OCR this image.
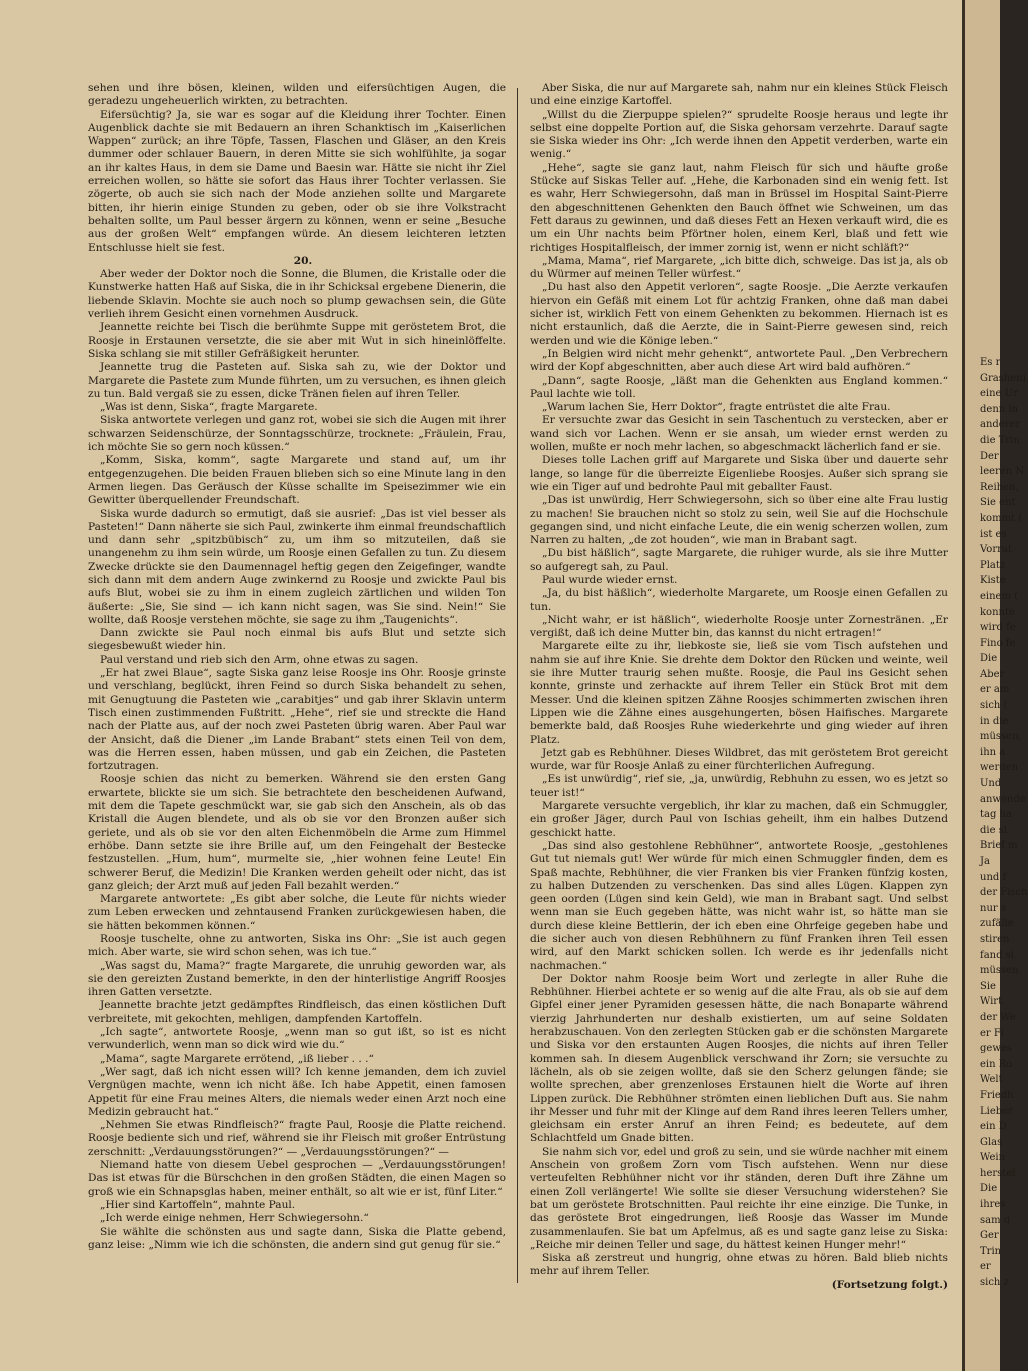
sehen und ihre bösen, kleinen, wilden und eifersüchtigen Augen, die geradezu ungeheuerlich wirkten, zu betrachten.

Eifersüchtig? Ja, sie war es sogar auf die Kleidung ihrer Tochter. Einen Augenblick dachte sie mit Bedauern an ihren Schanktisch im „Kaiserlichen Wappen“ zurück; an ihre Töpfe, Tassen, Flaschen und Gläser, an den Kreis dummer oder schlauer Bauern, in deren Mitte sie sich wohlfühlte, ja sogar an ihr kaltes Haus, in dem sie Dame und Baesin war. Hätte sie nicht ihr Ziel erreichen wollen, so hätte sie sofort das Haus ihrer Tochter verlassen. Sie zögerte, ob auch sie sich nach der Mode anziehen sollte und Margarete bitten, ihr hierin einige Stunden zu geben, oder ob sie ihre Volkstracht behalten sollte, um Paul besser ärgern zu können, wenn er seine „Besuche aus der großen Welt“ empfangen würde. An diesem leichteren letzten Entschlusse hielt sie fest.

20.

Aber weder der Doktor noch die Sonne, die Blumen, die Kristalle oder die Kunstwerke hatten Haß auf Siska, die in ihr Schicksal ergebene Dienerin, die liebende Sklavin. Mochte sie auch noch so plump gewachsen sein, die Güte verlieh ihrem Gesicht einen vornehmen Ausdruck.

Jeannette reichte bei Tisch die berühmte Suppe mit geröstetem Brot, die Roosje in Erstaunen versetzte, die sie aber mit Wut in sich hineinlöffelte. Siska schlang sie mit stiller Gefräßigkeit herunter.

Jeannette trug die Pasteten auf. Siska sah zu, wie der Doktor und Margarete die Pastete zum Munde führten, um zu versuchen, es ihnen gleich zu tun. Bald vergaß sie zu essen, dicke Tränen fielen auf ihren Teller.

„Was ist denn, Siska“, fragte Margarete.

Siska antwortete verlegen und ganz rot, wobei sie sich die Augen mit ihrer schwarzen Seidenschürze, der Sonntagsschürze, trocknete: „Fräulein, Frau, ich möchte Sie so gern noch küssen.“

„Komm, Siska, komm“, sagte Margarete und stand auf, um ihr entgegenzugehen. Die beiden Frauen blieben sich so eine Minute lang in den Armen liegen. Das Geräusch der Küsse schallte im Speisezimmer wie ein Gewitter überquellender Freundschaft.

Siska wurde dadurch so ermutigt, daß sie ausrief: „Das ist viel besser als Pasteten!“ Dann näherte sie sich Paul, zwinkerte ihm einmal freundschaftlich und dann sehr „spitzbübisch“ zu, um ihm so mitzuteilen, daß sie unangenehm zu ihm sein würde, um Roosje einen Gefallen zu tun. Zu diesem Zwecke drückte sie den Daumennagel heftig gegen den Zeigefinger, wandte sich dann mit dem andern Auge zwinkernd zu Roosje und zwickte Paul bis aufs Blut, wobei sie zu ihm in einem zugleich zärtlichen und wilden Ton äußerte: „Sie, Sie sind — ich kann nicht sagen, was Sie sind. Nein!“ Sie wollte, daß Roosje verstehen möchte, sie sage zu ihm „Taugenichts“.

Dann zwickte sie Paul noch einmal bis aufs Blut und setzte sich siegesbewußt wieder hin.

Paul verstand und rieb sich den Arm, ohne etwas zu sagen.

„Er hat zwei Blaue“, sagte Siska ganz leise Roosje ins Ohr. Roosje grinste und verschlang, beglückt, ihren Feind so durch Siska behandelt zu sehen, mit Genugtuung die Pasteten wie „carabitjes“ und gab ihrer Sklavin unterm Tisch einen zustimmenden Fußtritt. „Hehe“, rief sie und streckte die Hand nach der Platte aus, auf der noch zwei Pasteten übrig waren. Aber Paul war der Ansicht, daß die Diener „im Lande Brabant“ stets einen Teil von dem, was die Herren essen, haben müssen, und gab ein Zeichen, die Pasteten fortzutragen.

Roosje schien das nicht zu bemerken. Während sie den ersten Gang erwartete, blickte sie um sich. Sie betrachtete den bescheidenen Aufwand, mit dem die Tapete geschmückt war, sie gab sich den Anschein, als ob das Kristall die Augen blendete, und als ob sie vor den Bronzen außer sich geriete, und als ob sie vor den alten Eichenmöbeln die Arme zum Himmel erhöbe. Dann setzte sie ihre Brille auf, um den Feingehalt der Bestecke festzustellen. „Hum, hum“, murmelte sie, „hier wohnen feine Leute! Ein schwerer Beruf, die Medizin! Die Kranken werden geheilt oder nicht, das ist ganz gleich; der Arzt muß auf jeden Fall bezahlt werden.“

Margarete antwortete: „Es gibt aber solche, die Leute für nichts wieder zum Leben erwecken und zehntausend Franken zurückgewiesen haben, die sie hätten bekommen können.“

Roosje tuschelte, ohne zu antworten, Siska ins Ohr: „Sie ist auch gegen mich. Aber warte, sie wird schon sehen, was ich tue.“

„Was sagst du, Mama?“ fragte Margarete, die unruhig geworden war, als sie den gereizten Zustand bemerkte, in den der hinterlistige Angriff Roosjes ihren Gatten versetzte.

Jeannette brachte jetzt gedämpftes Rindfleisch, das einen köstlichen Duft verbreitete, mit gekochten, mehligen, dampfenden Kartoffeln.

„Ich sagte“, antwortete Roosje, „wenn man so gut ißt, so ist es nicht verwunderlich, wenn man so dick wird wie du.“

„Mama“, sagte Margarete errötend, „iß lieber . . .“

„Wer sagt, daß ich nicht essen will? Ich kenne jemanden, dem ich zuviel Vergnügen machte, wenn ich nicht äße. Ich habe Appetit, einen famosen Appetit für eine Frau meines Alters, die niemals weder einen Arzt noch eine Medizin gebraucht hat.“

„Nehmen Sie etwas Rindfleisch?“ fragte Paul, Roosje die Platte reichend. Roosje bediente sich und rief, während sie ihr Fleisch mit großer Entrüstung zerschnitt: „Verdauungsstörungen?“ — „Verdauungsstörungen?“ —

Niemand hatte von diesem Uebel gesprochen — „Verdauungsstörungen! Das ist etwas für die Bürschchen in den großen Städten, die einen Magen so groß wie ein Schnapsglas haben, meiner enthält, so alt wie er ist, fünf Liter.“

„Hier sind Kartoffeln“, mahnte Paul.

„Ich werde einige nehmen, Herr Schwiegersohn.“

Sie wählte die schönsten aus und sagte dann, Siska die Platte gebend, ganz leise: „Nimm wie ich die schönsten, die andern sind gut genug für sie.“

Aber Siska, die nur auf Margarete sah, nahm nur ein kleines Stück Fleisch und eine einzige Kartoffel.

„Willst du die Zierpuppe spielen?“ sprudelte Roosje heraus und legte ihr selbst eine doppelte Portion auf, die Siska gehorsam verzehrte. Darauf sagte sie Siska wieder ins Ohr: „Ich werde ihnen den Appetit verderben, warte ein wenig.“

„Hehe“, sagte sie ganz laut, nahm Fleisch für sich und häufte große Stücke auf Siskas Teller auf. „Hehe, die Karbonaden sind ein wenig fett. Ist es wahr, Herr Schwiegersohn, daß man in Brüssel im Hospital Saint-Pierre den abgeschnittenen Gehenkten den Bauch öffnet wie Schweinen, um das Fett daraus zu gewinnen, und daß dieses Fett an Hexen verkauft wird, die es um ein Uhr nachts beim Pförtner holen, einem Kerl, blaß und fett wie richtiges Hospitalfleisch, der immer zornig ist, wenn er nicht schläft?“

„Mama, Mama“, rief Margarete, „ich bitte dich, schweige. Das ist ja, als ob du Würmer auf meinen Teller würfest.“

„Du hast also den Appetit verloren“, sagte Roosje. „Die Aerzte verkaufen hiervon ein Gefäß mit einem Lot für achtzig Franken, ohne daß man dabei sicher ist, wirklich Fett von einem Gehenkten zu bekommen. Hiernach ist es nicht erstaunlich, daß die Aerzte, die in Saint-Pierre gewesen sind, reich werden und wie die Könige leben.“

„In Belgien wird nicht mehr gehenkt“, antwortete Paul. „Den Verbrechern wird der Kopf abgeschnitten, aber auch diese Art wird bald aufhören.“

„Dann“, sagte Roosje, „läßt man die Gehenkten aus England kommen.“ Paul lachte wie toll.

„Warum lachen Sie, Herr Doktor“, fragte entrüstet die alte Frau.

Er versuchte zwar das Gesicht in sein Taschentuch zu verstecken, aber er wand sich vor Lachen. Wenn er sie ansah, um wieder ernst werden zu wollen, mußte er noch mehr lachen, so abgeschmackt lächerlich fand er sie.

Dieses tolle Lachen griff auf Margarete und Siska über und dauerte sehr lange, so lange für die überreizte Eigenliebe Roosjes. Außer sich sprang sie wie ein Tiger auf und bedrohte Paul mit geballter Faust.

„Das ist unwürdig, Herr Schwiegersohn, sich so über eine alte Frau lustig zu machen! Sie brauchen nicht so stolz zu sein, weil Sie auf die Hochschule gegangen sind, und nicht einfache Leute, die ein wenig scherzen wollen, zum Narren zu halten, „de zot houden“, wie man in Brabant sagt.

„Du bist häßlich“, sagte Margarete, die ruhiger wurde, als sie ihre Mutter so aufgeregt sah, zu Paul.

Paul wurde wieder ernst.

„Ja, du bist häßlich“, wiederholte Margarete, um Roosje einen Gefallen zu tun.

„Nicht wahr, er ist häßlich“, wiederholte Roosje unter Zornestränen. „Er vergißt, daß ich deine Mutter bin, das kannst du nicht ertragen!“

Margarete eilte zu ihr, liebkoste sie, ließ sie vom Tisch aufstehen und nahm sie auf ihre Knie. Sie drehte dem Doktor den Rücken und weinte, weil sie ihre Mutter traurig sehen mußte. Roosje, die Paul ins Gesicht sehen konnte, grinste und zerhackte auf ihrem Teller ein Stück Brot mit dem Messer. Und die kleinen spitzen Zähne Roosjes schimmerten zwischen ihren Lippen wie die Zähne eines ausgehungerten, bösen Haifisches. Margarete bemerkte bald, daß Roosjes Ruhe wiederkehrte und ging wieder auf ihren Platz.

Jetzt gab es Rebhühner. Dieses Wildbret, das mit geröstetem Brot gereicht wurde, war für Roosje Anlaß zu einer fürchterlichen Aufregung.

„Es ist unwürdig“, rief sie, „ja, unwürdig, Rebhuhn zu essen, wo es jetzt so teuer ist!“

Margarete versuchte vergeblich, ihr klar zu machen, daß ein Schmuggler, ein großer Jäger, durch Paul von Ischias geheilt, ihm ein halbes Dutzend geschickt hatte.

„Das sind also gestohlene Rebhühner“, antwortete Roosje, „gestohlenes Gut tut niemals gut! Wer würde für mich einen Schmuggler finden, dem es Spaß machte, Rebhühner, die vier Franken bis vier Franken fünfzig kosten, zu halben Dutzenden zu verschenken. Das sind alles Lügen. Klappen zyn geen oorden (Lügen sind kein Geld), wie man in Brabant sagt. Und selbst wenn man sie Euch gegeben hätte, was nicht wahr ist, so hätte man sie durch diese kleine Bettlerin, der ich eben eine Ohrfeige gegeben habe und die sicher auch von diesen Rebhühnern zu fünf Franken ihren Teil essen wird, auf den Markt schicken sollen. Ich werde es ihr jedenfalls nicht nachmachen.“

Der Doktor nahm Roosje beim Wort und zerlegte in aller Ruhe die Rebhühner. Hierbei achtete er so wenig auf die alte Frau, als ob sie auf dem Gipfel einer jener Pyramiden gesessen hätte, die nach Bonaparte während vierzig Jahrhunderten nur deshalb existierten, um auf seine Soldaten herabzuschauen. Von den zerlegten Stücken gab er die schönsten Margarete und Siska vor den erstaunten Augen Roosjes, die nichts auf ihren Teller kommen sah. In diesem Augenblick verschwand ihr Zorn; sie versuchte zu lächeln, als ob sie zeigen wollte, daß sie den Scherz gelungen fände; sie wollte sprechen, aber grenzenloses Erstaunen hielt die Worte auf ihren Lippen zurück. Die Rebhühner strömten einen lieblichen Duft aus. Sie nahm ihr Messer und fuhr mit der Klinge auf dem Rand ihres leeren Tellers umher, gleichsam ein erster Anruf an ihren Feind; es bedeutete, auf dem Schlachtfeld um Gnade bitten.

Sie nahm sich vor, edel und groß zu sein, und sie würde nachher mit einem Anschein von großem Zorn vom Tisch aufstehen. Wenn nur diese verteufelten Rebhühner nicht vor ihr ständen, deren Duft ihre Zähne um einen Zoll verlängerte! Wie sollte sie dieser Versuchung widerstehen? Sie bat um geröstete Brotschnitten. Paul reichte ihr eine einzige. Die Tunke, in das geröstete Brot eingedrungen, ließ Roosje das Wasser im Munde zusammenlaufen. Sie bat um Apfelmus, aß es und sagte ganz leise zu Siska: „Reiche mir deinen Teller und sage, du hättest keinen Hunger mehr!“

Siska aß zerstreut und hungrig, ohne etwas zu hören. Bald blieb nichts mehr auf ihrem Teller.

(Fortsetzung folgt.)

Es r
Grasheni
eine Ur
denn in
anderer
die Trin
Der
leeren N
Reihen,
Sie ent
kommt (
ist es
Vorrat
Platz
Kiste
einem (
konnte
wird fe
Fino fe
Die
Aber
er am
sich (
in die
müssen,
ihn a
werden
Und
anwende
tag ha
die si
Brief m
Ja
und f
der Fisch
nur s
zufälle
stiren
fand si
müssen
Sie
Wirt
der We
er Fi
gewes
ein Ro
Welt
Friedh
Lieber
ein D
Glas
Wein
herstel
Die
ihres
sam d
Ger
Trin
er
sich z
